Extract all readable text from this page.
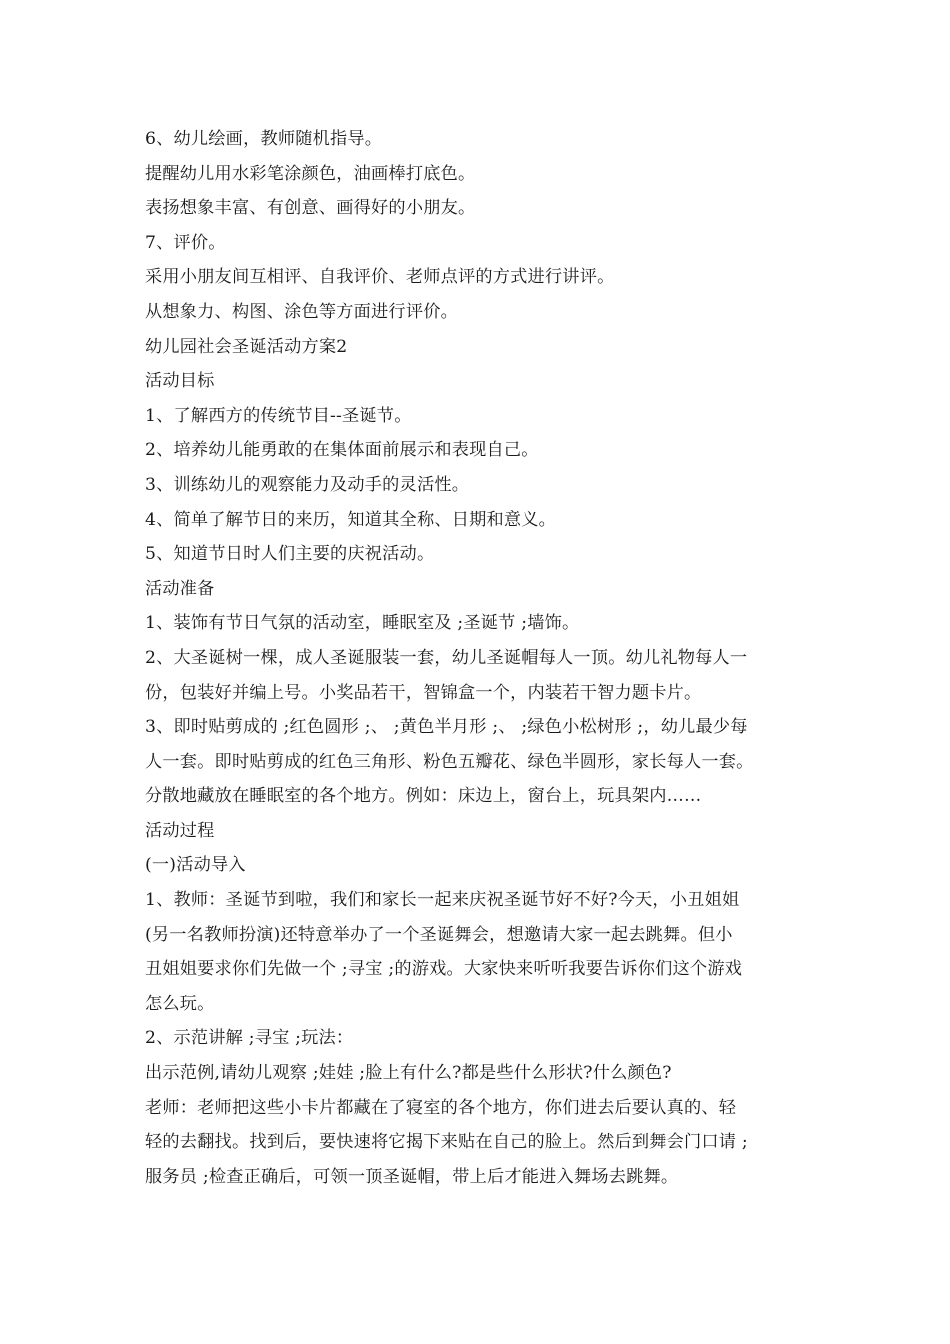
6、幼儿绘画，教师随机指导。
提醒幼儿用水彩笔涂颜色，油画棒打底色。
表扬想象丰富、有创意、画得好的小朋友。
7、评价。
采用小朋友间互相评、自我评价、老师点评的方式进行讲评。
从想象力、构图、涂色等方面进行评价。
幼儿园社会圣诞活动方案2
活动目标
1、了解西方的传统节目--圣诞节。
2、培养幼儿能勇敢的在集体面前展示和表现自己。
3、训练幼儿的观察能力及动手的灵活性。
4、简单了解节日的来历，知道其全称、日期和意义。
5、知道节日时人们主要的庆祝活动。
活动准备
1、装饰有节日气氛的活动室，睡眠室及 ;圣诞节 ;墙饰。
2、大圣诞树一棵，成人圣诞服装一套，幼儿圣诞帽每人一顶。幼儿礼物每人一
份，包装好并编上号。小奖品若干，智锦盒一个，内装若干智力题卡片。
3、即时贴剪成的 ;红色圆形 ;、 ;黄色半月形 ;、 ;绿色小松树形 ;，幼儿最少每
人一套。即时贴剪成的红色三角形、粉色五瓣花、绿色半圆形，家长每人一套。
分散地藏放在睡眠室的各个地方。例如：床边上，窗台上，玩具架内……
活动过程
(一)活动导入
1、教师：圣诞节到啦，我们和家长一起来庆祝圣诞节好不好?今天，小丑姐姐
(另一名教师扮演)还特意举办了一个圣诞舞会，想邀请大家一起去跳舞。但小
丑姐姐要求你们先做一个 ;寻宝 ;的游戏。大家快来听听我要告诉你们这个游戏
怎么玩。
2、示范讲解 ;寻宝 ;玩法：
出示范例,请幼儿观察 ;娃娃 ;脸上有什么?都是些什么形状?什么颜色?
老师：老师把这些小卡片都藏在了寝室的各个地方，你们进去后要认真的、轻
轻的去翻找。找到后，要快速将它揭下来贴在自己的脸上。然后到舞会门口请 ;
服务员 ;检查正确后，可领一顶圣诞帽，带上后才能进入舞场去跳舞。
